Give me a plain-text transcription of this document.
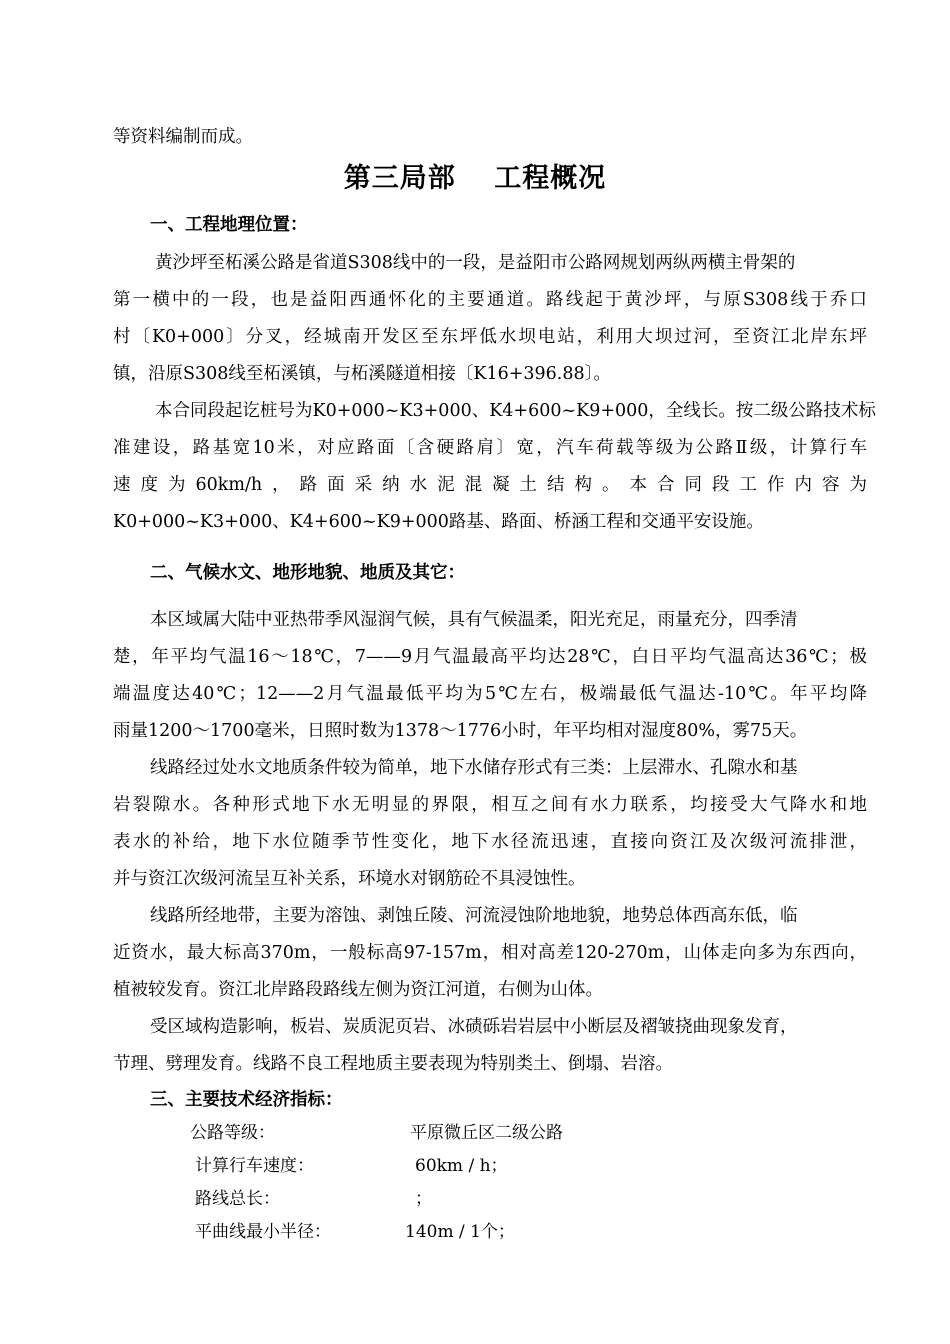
等资料编制而成。
第三局部　 工程概况
一、工程地理位置：
黄沙坪至柘溪公路是省道S308线中的一段，是益阳市公路网规划两纵两横主骨架的
第一横中的一段，也是益阳西通怀化的主要通道。路线起于黄沙坪，与原S308线于乔口
村〔K0+000〕分叉，经城南开发区至东坪低水坝电站，利用大坝过河，至资江北岸东坪
镇，沿原S308线至柘溪镇，与柘溪隧道相接〔K16+396.88〕。
本合同段起讫桩号为K0+000~K3+000、K4+600~K9+000，全线长。按二级公路技术标
准建设，路基宽10米，对应路面〔含硬路肩〕宽，汽车荷载等级为公路Ⅱ级，计算行车
速度为60km/h，路面采纳水泥混凝土结构。本合同段工作内容为
K0+000~K3+000、K4+600~K9+000路基、路面、桥涵工程和交通平安设施。
二、气候水文、地形地貌、地质及其它：
本区域属大陆中亚热带季风湿润气候，具有气候温柔，阳光充足，雨量充分，四季清
楚，年平均气温16～18℃，7——9月气温最高平均达28℃，白日平均气温高达36℃；极
端温度达40℃；12——2月气温最低平均为5℃左右，极端最低气温达-10℃。年平均降
雨量1200～1700毫米，日照时数为1378～1776小时，年平均相对湿度80%，雾75天。
线路经过处水文地质条件较为简单，地下水储存形式有三类：上层滞水、孔隙水和基
岩裂隙水。各种形式地下水无明显的界限，相互之间有水力联系，均接受大气降水和地
表水的补给，地下水位随季节性变化，地下水径流迅速，直接向资江及次级河流排泄，
并与资江次级河流呈互补关系，环境水对钢筋砼不具浸蚀性。
线路所经地带，主要为溶蚀、剥蚀丘陵、河流浸蚀阶地地貌，地势总体西高东低，临
近资水，最大标高370m，一般标高97-157m，相对高差120-270m，山体走向多为东西向，
植被较发育。资江北岸路段路线左侧为资江河道，右侧为山体。
受区域构造影响，板岩、炭质泥页岩、冰碛砾岩岩层中小断层及褶皱挠曲现象发育，
节理、劈理发育。线路不良工程地质主要表现为特别类土、倒塌、岩溶。
三、主要技术经济指标：
公路等级：	平原微丘区二级公路
计算行车速度：	60km / h；
路线总长：	；
平曲线最小半径：	140m / 1个；
